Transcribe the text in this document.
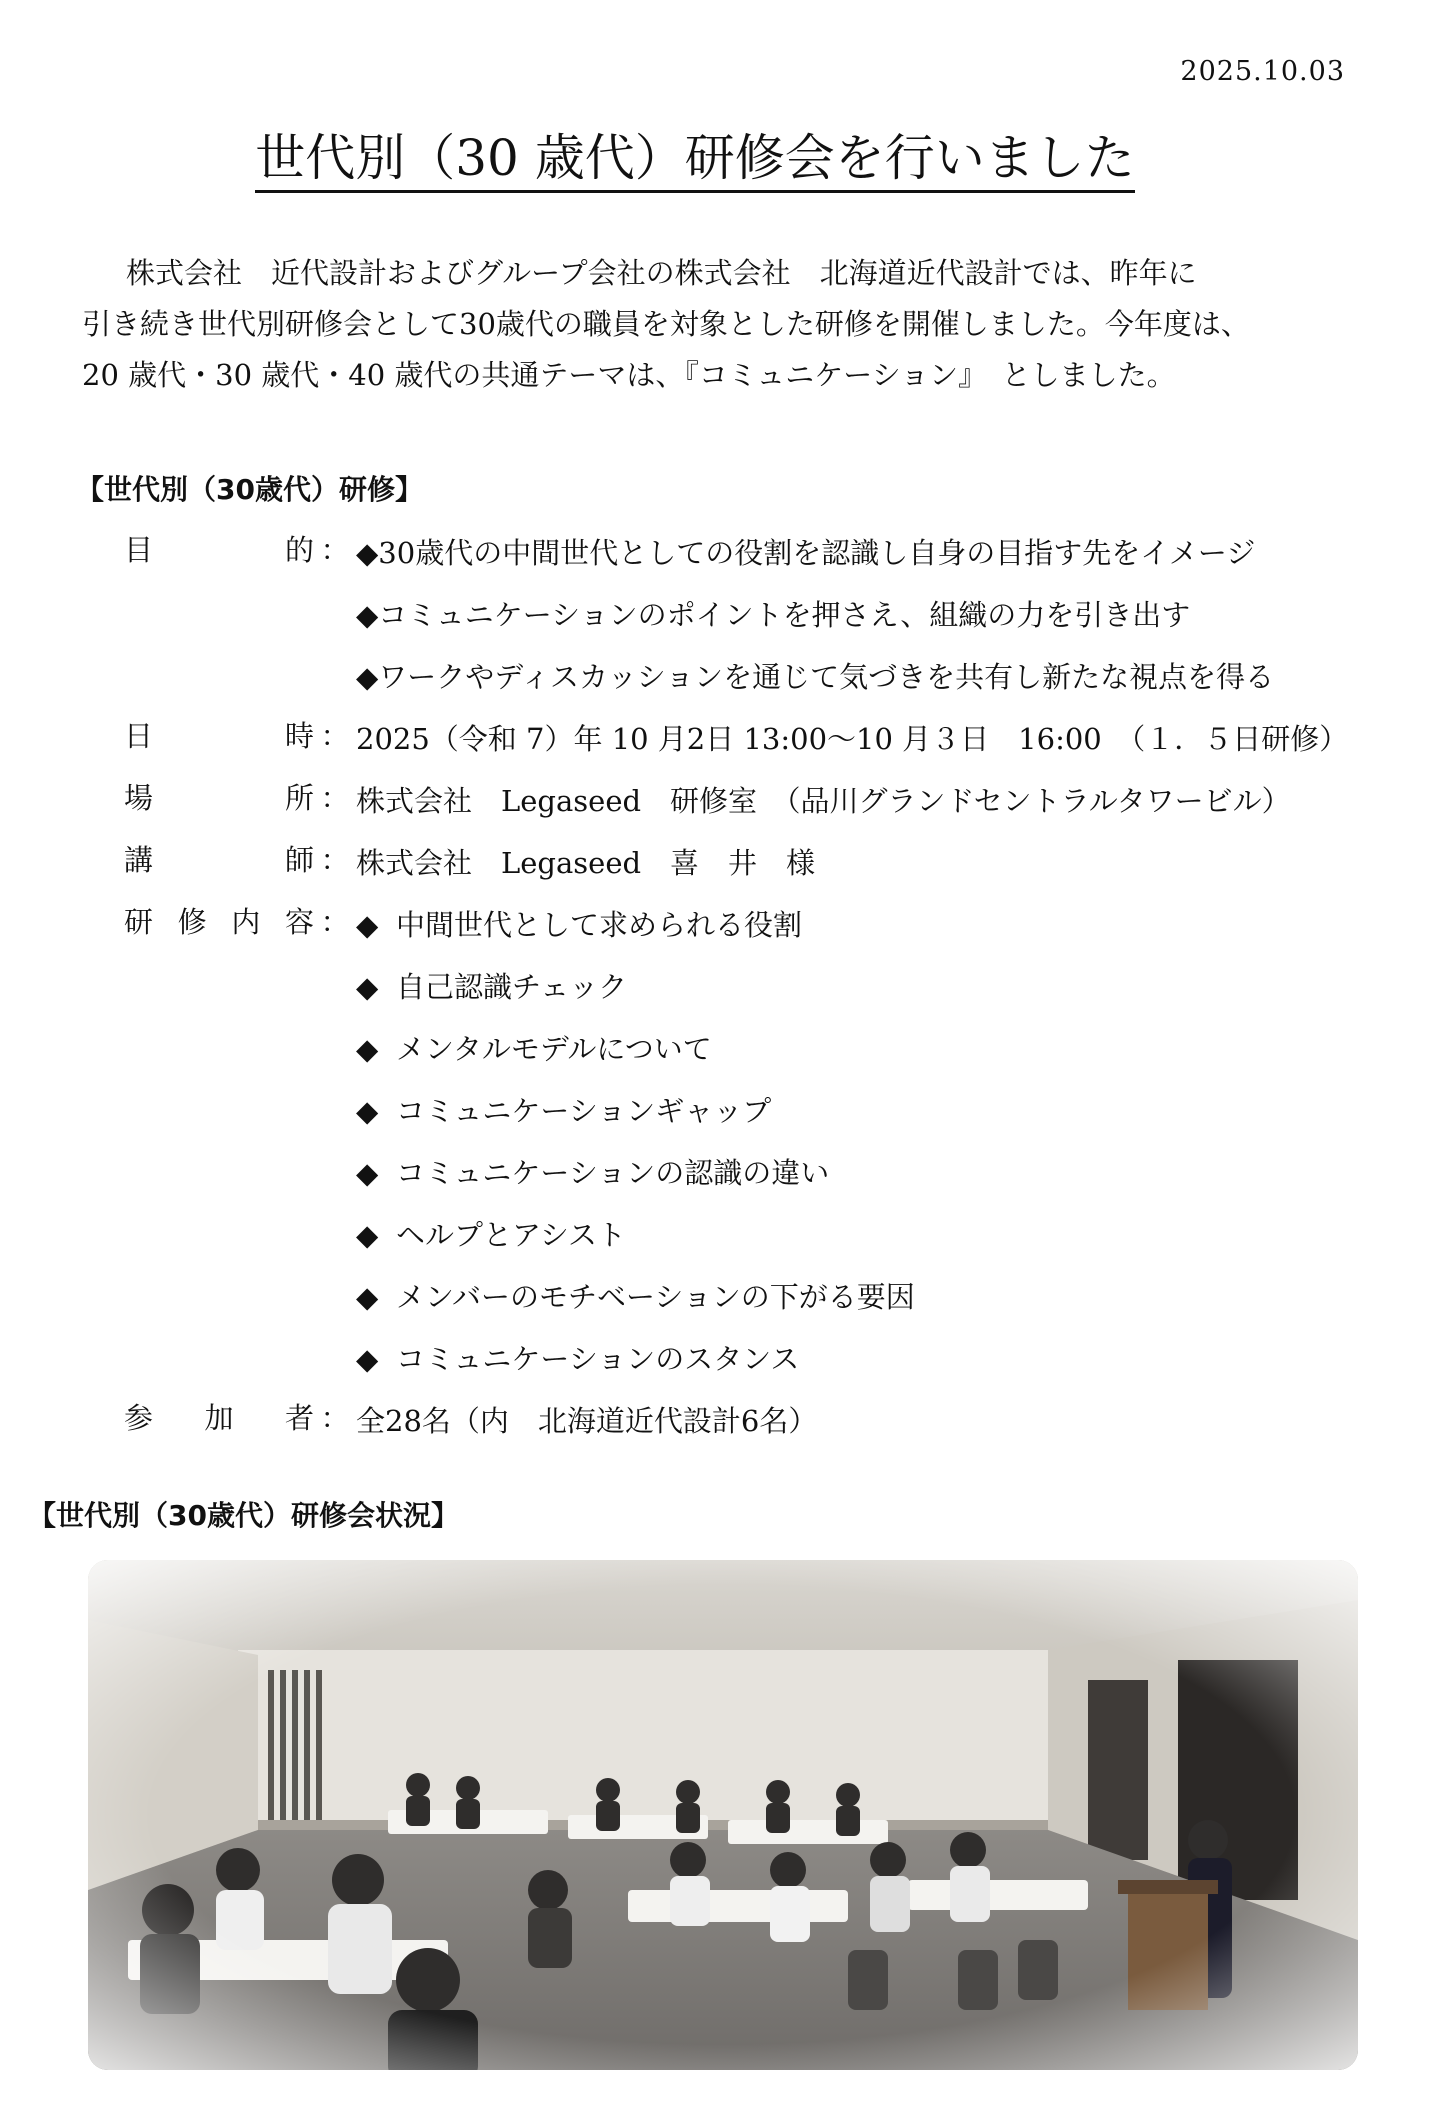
2025.10.03
世代別（30 歳代）研修会を行いました

株式会社　近代設計およびグループ会社の株式会社　北海道近代設計では、昨年に

引き続き世代別研修会として30歳代の職員を対象とした研修を開催しました。今年度は、

20 歳代・30 歳代・40 歳代の共通テーマは、『コミュニケーション』　としました。

【世代別（30歳代）研修】
目	的 ： ◆30歳代の中間世代としての役割を認識し自身の目指す先をイメージ
◆コミュニケーションのポイントを押さえ、組織の力を引き出す
◆ワークやディスカッションを通じて気づきを共有し新たな視点を得る
日	時 ： 2025（令和 7）年 10 月2日 13:00～10 月３日　16:00　（１．５日研修）
場	所 ： 株式会社　Legaseed　研修室　（品川グランドセントラルタワービル）
講	師 ： 株式会社　Legaseed　喜　井　様
研 修 内 容 ： ◆ 中間世代として求められる役割
◆ 自己認識チェック
◆ メンタルモデルについて
◆ コミュニケーションギャップ
◆ コミュニケーションの認識の違い
◆ ヘルプとアシスト
◆ メンバーのモチベーションの下がる要因
◆ コミュニケーションのスタンス
参 加 者 ： 全28名（内　北海道近代設計6名）
【世代別（30歳代）研修会状況】
